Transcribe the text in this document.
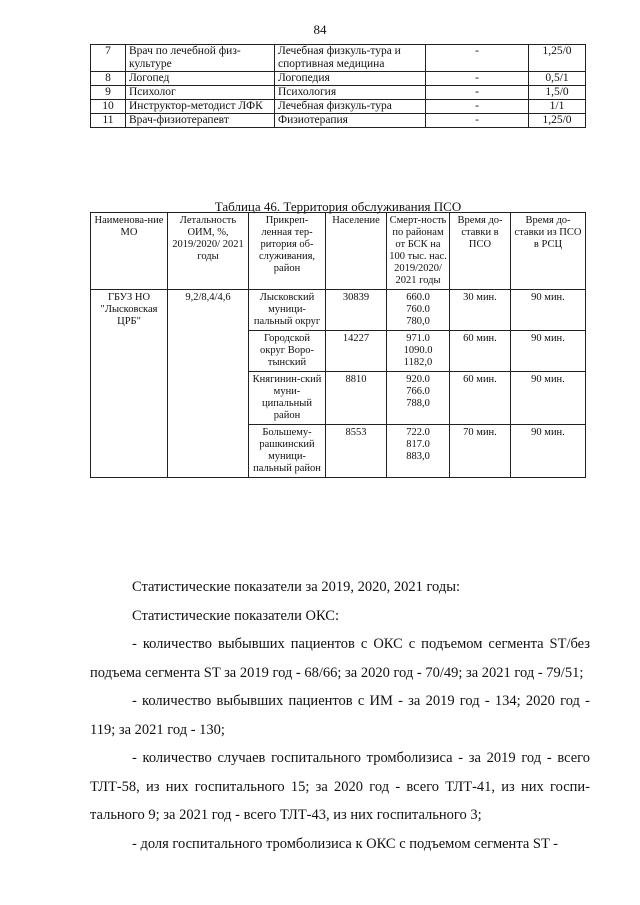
84
7	Врач по лечебной физ-культуре	Лечебная физкуль-тура и спортивная медицина	-	1,25/0
8	Логопед	Логопедия	-	0,5/1
9	Психолог	Психология	-	1,5/0
10	Инструктор-методист ЛФК	Лечебная физкуль-тура	-	1/1
11	Врач-физиотерапевт	Физиотерапия	-	1,25/0
Таблица 46. Территория обслуживания ПСО
Наименова-ние МО	Летальность ОИМ, %, 2019/2020/ 2021 годы	Прикреп-ленная тер-ритория об-служивания, район	Население	Смерт-ность по районам от БСК на 100 тыс. нас. 2019/2020/ 2021 годы	Время до-ставки в ПСО	Время до-ставки из ПСО в РСЦ
ГБУЗ НО "Лысковская ЦРБ"	9,2/8,4/4,6	Лысковский муници-пальный округ	30839	660.0
760.0
780,0	30 мин.	90 мин.
		Городской округ Воро-тынский	14227	971.0
1090.0
1182,0	60 мин.	90 мин.
		Княгинин-ский муни-ципальный район	8810	920.0
766.0
788,0	60 мин.	90 мин.
		Большему-рашкинский муници-пальный район	8553	722.0
817.0
883,0	70 мин.	90 мин.

Статистические показатели за 2019, 2020, 2021 годы:

Статистические показатели ОКС:

- количество выбывших пациентов с ОКС с подъемом сегмента ST/без подъема сегмента ST за 2019 год - 68/66; за 2020 год - 70/49; за 2021 год - 79/51;

- количество выбывших пациентов с ИМ - за 2019 год - 134; 2020 год - 119; за 2021 год - 130;

- количество случаев госпитального тромболизиса - за 2019 год - всего ТЛТ-58, из них госпитального 15; за 2020 год - всего ТЛТ-41, из них госпи-тального 9; за 2021 год - всего ТЛТ-43, из них госпитального 3;

- доля госпитального тромболизиса к ОКС с подъемом сегмента ST -
